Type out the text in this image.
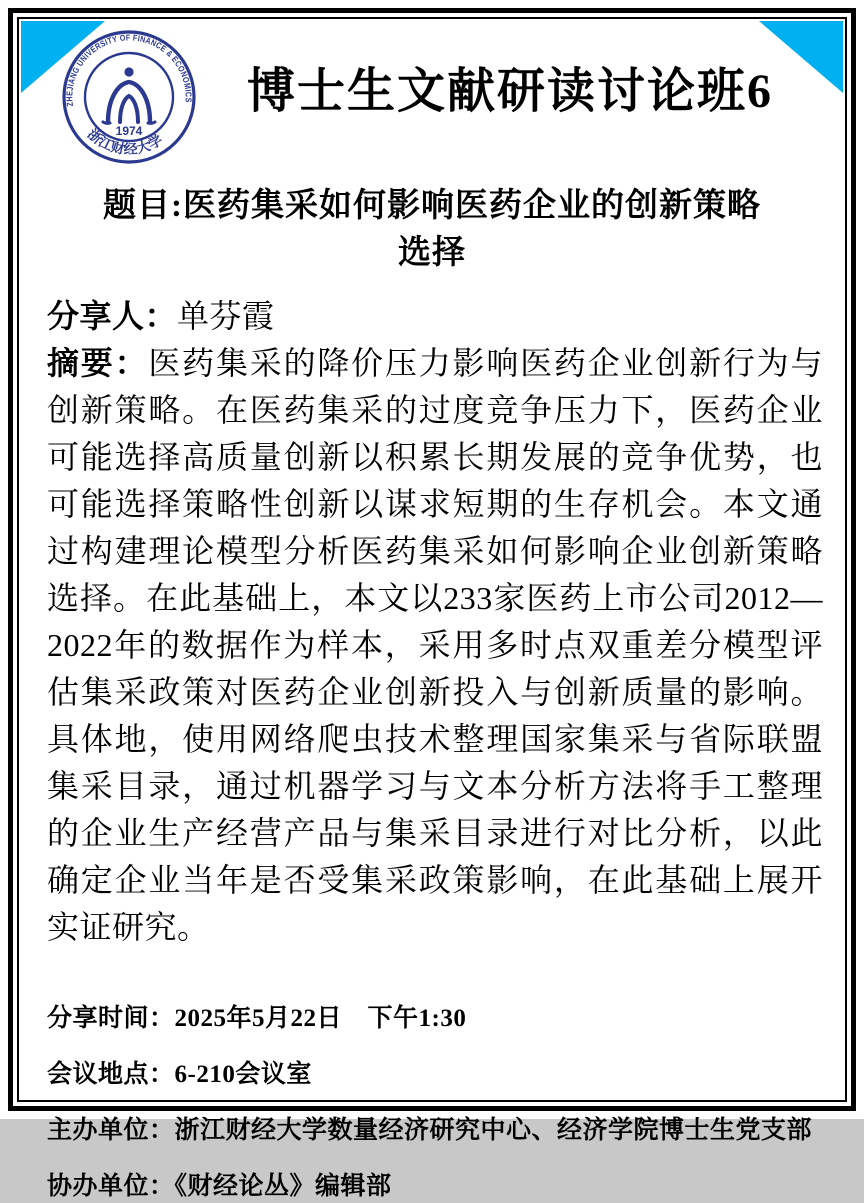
ZHEJIANG UNIVERSITY OF FINANCE & ECONOMICS
浙江财经大学
1974
博士生文献研读讨论班6
题目:医药集采如何影响医药企业的创新策略
选择

分享人：单芬霞

摘要：医药集采的降价压力影响医药企业创新行为与创新策略。在医药集采的过度竞争压力下，医药企业可能选择高质量创新以积累长期发展的竞争优势，也可能选择策略性创新以谋求短期的生存机会。本文通过构建理论模型分析医药集采如何影响企业创新策略选择。在此基础上，本文以233家医药上市公司2012—2022年的数据作为样本，采用多时点双重差分模型评估集采政策对医药企业创新投入与创新质量的影响。具体地，使用网络爬虫技术整理国家集采与省际联盟集采目录，通过机器学习与文本分析方法将手工整理的企业生产经营产品与集采目录进行对比分析，以此确定企业当年是否受集采政策影响，在此基础上展开实证研究。

分享时间：2025年5月22日　下午1:30
会议地点：6-210会议室
主办单位：浙江财经大学数量经济研究中心、经济学院博士生党支部
协办单位：《财经论丛》编辑部
